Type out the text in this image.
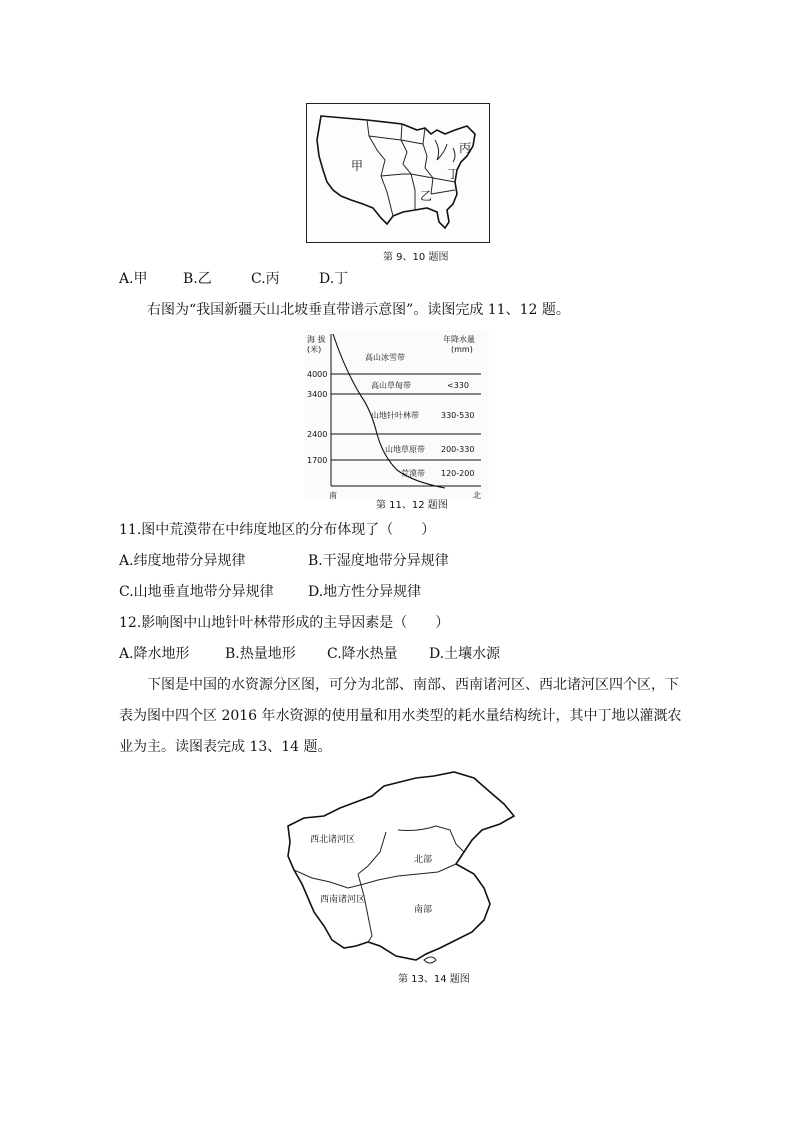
甲
丙
丁
乙
第 9、10 题图
A.甲	B.乙	C.丙	D.丁
右图为“我国新疆天山北坡垂直带谱示意图”。读图完成 11、12 题。
海 拔
(米)
年降水量
(mm)
4000
3400
2400
1700
高山冰雪带
高山草甸带	<330
山地针叶林带	330-530
山地草原带 200-330
荒漠带 120-200
南	北
第 11、12 题图
11.图中荒漠带在中纬度地区的分布体现了（　　）
A.纬度地带分异规律	B.干湿度地带分异规律
C.山地垂直地带分异规律 D.地方性分异规律
12.影响图中山地针叶林带形成的主导因素是（　　）
A.降水地形	B.热量地形 C.降水热量 D.土壤水源
下图是中国的水资源分区图，可分为北部、南部、西南诸河区、西北诸河区四个区，下
表为图中四个区 2016 年水资源的使用量和用水类型的耗水量结构统计，其中丁地以灌溉农
业为主。读图表完成 13、14 题。
西北诸河区
北部
西南诸河区
南部
第 13、14 题图
